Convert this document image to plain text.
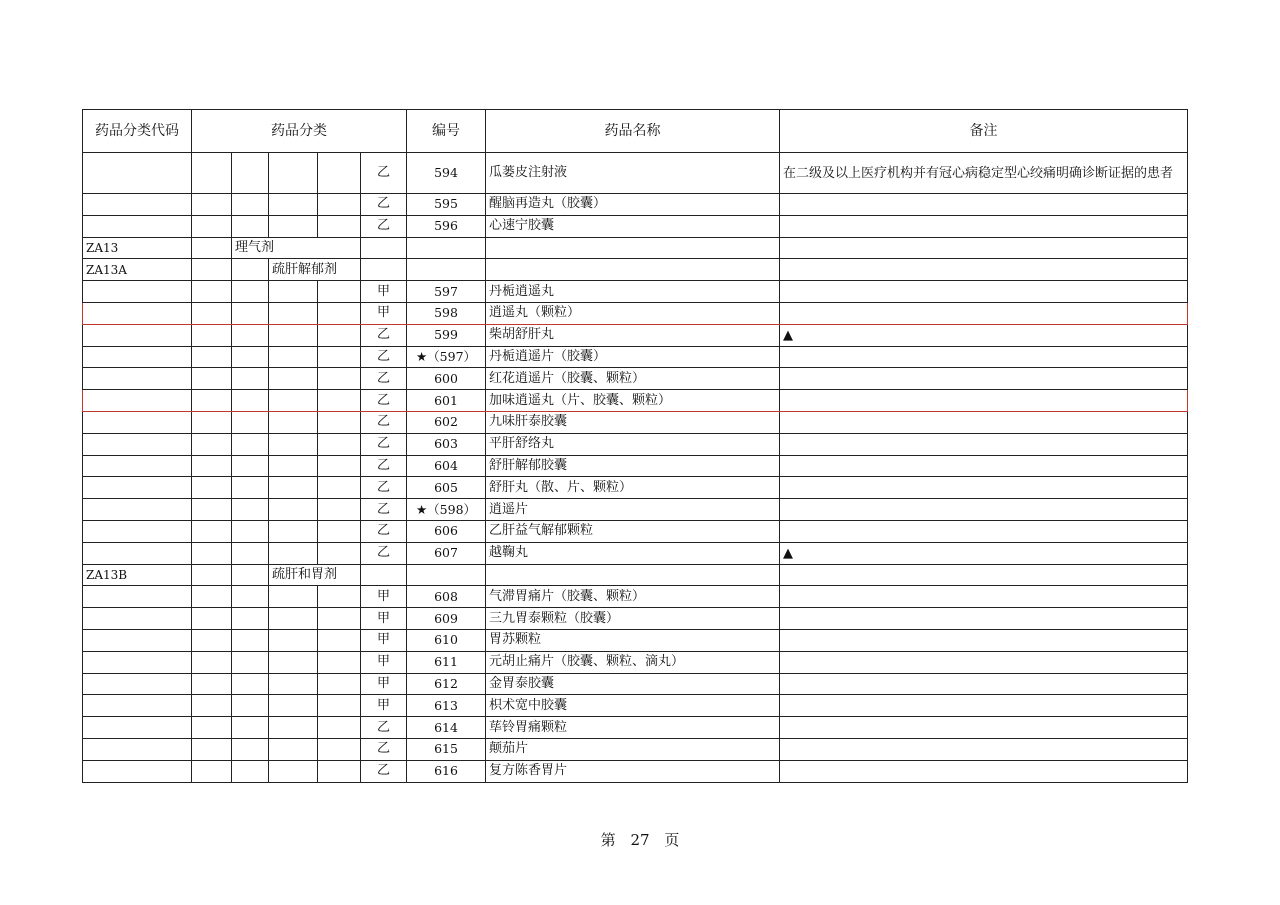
药品分类代码	药品分类					编号	药品名称	备注
					乙	594	瓜蒌皮注射液	在二级及以上医疗机构并有冠心病稳定型心绞痛明确诊断证据的患者
					乙	595	醒脑再造丸（胶囊）	
					乙	596	心速宁胶囊	
ZA13		理气剂						
ZA13A			疏肝解郁剂					
					甲	597	丹栀逍遥丸	
					甲	598	逍遥丸（颗粒）	
					乙	599	柴胡舒肝丸	▲
					乙	★（597）	丹栀逍遥片（胶囊）	
					乙	600	红花逍遥片（胶囊、颗粒）	
					乙	601	加味逍遥丸（片、胶囊、颗粒）	
					乙	602	九味肝泰胶囊	
					乙	603	平肝舒络丸	
					乙	604	舒肝解郁胶囊	
					乙	605	舒肝丸（散、片、颗粒）	
					乙	★（598）	逍遥片	
					乙	606	乙肝益气解郁颗粒	
					乙	607	越鞠丸	▲
ZA13B			疏肝和胃剂					
					甲	608	气滞胃痛片（胶囊、颗粒）	
					甲	609	三九胃泰颗粒（胶囊）	
					甲	610	胃苏颗粒	
					甲	611	元胡止痛片（胶囊、颗粒、滴丸）	
					甲	612	金胃泰胶囊	
					甲	613	枳术宽中胶囊	
					乙	614	荜铃胃痛颗粒	
					乙	615	颠茄片	
					乙	616	复方陈香胃片	
第 27 页
